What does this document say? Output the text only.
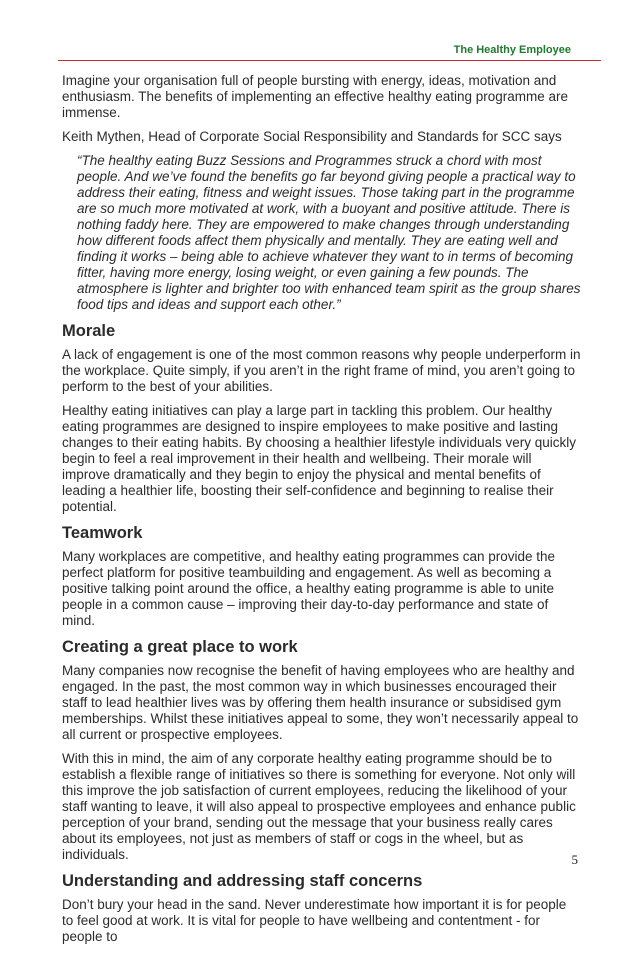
The Healthy Employee

Imagine your organisation full of people bursting with energy, ideas, motivation and enthusiasm. The benefits of implementing an effective healthy eating programme are immense.

Keith Mythen, Head of Corporate Social Responsibility and Standards for SCC says

“The healthy eating Buzz Sessions and Programmes struck a chord with most people. And we’ve found the benefits go far beyond giving people a practical way to address their eating, fitness and weight issues. Those taking part in the programme are so much more motivated at work, with a buoyant and positive attitude. There is nothing faddy here. They are empowered to make changes through understanding how different foods affect them physically and mentally. They are eating well and finding it works – being able to achieve whatever they want to in terms of becoming fitter, having more energy, losing weight, or even gaining a few pounds. The atmosphere is lighter and brighter too with enhanced team spirit as the group shares food tips and ideas and support each other.”

Morale

A lack of engagement is one of the most common reasons why people underperform in the workplace. Quite simply, if you aren’t in the right frame of mind, you aren’t going to perform to the best of your abilities.

Healthy eating initiatives can play a large part in tackling this problem. Our healthy eating programmes are designed to inspire employees to make positive and lasting changes to their eating habits. By choosing a healthier lifestyle individuals very quickly begin to feel a real improvement in their health and wellbeing. Their morale will improve dramatically and they begin to enjoy the physical and mental benefits of leading a healthier life, boosting their self-confidence and beginning to realise their potential.

Teamwork

Many workplaces are competitive, and healthy eating programmes can provide the perfect platform for positive teambuilding and engagement. As well as becoming a positive talking point around the office, a healthy eating programme is able to unite people in a common cause – improving their day-to-day performance and state of mind.

Creating a great place to work

Many companies now recognise the benefit of having employees who are healthy and engaged. In the past, the most common way in which businesses encouraged their staff to lead healthier lives was by offering them health insurance or subsidised gym memberships. Whilst these initiatives appeal to some, they won’t necessarily appeal to all current or prospective employees.

With this in mind, the aim of any corporate healthy eating programme should be to establish a flexible range of initiatives so there is something for everyone. Not only will this improve the job satisfaction of current employees, reducing the likelihood of your staff wanting to leave, it will also appeal to prospective employees and enhance public perception of your brand, sending out the message that your business really cares about its employees, not just as members of staff or cogs in the wheel, but as individuals.

Understanding and addressing staff concerns

Don’t bury your head in the sand. Never underestimate how important it is for people to feel good at work. It is vital for people to have wellbeing and contentment - for people to

5
